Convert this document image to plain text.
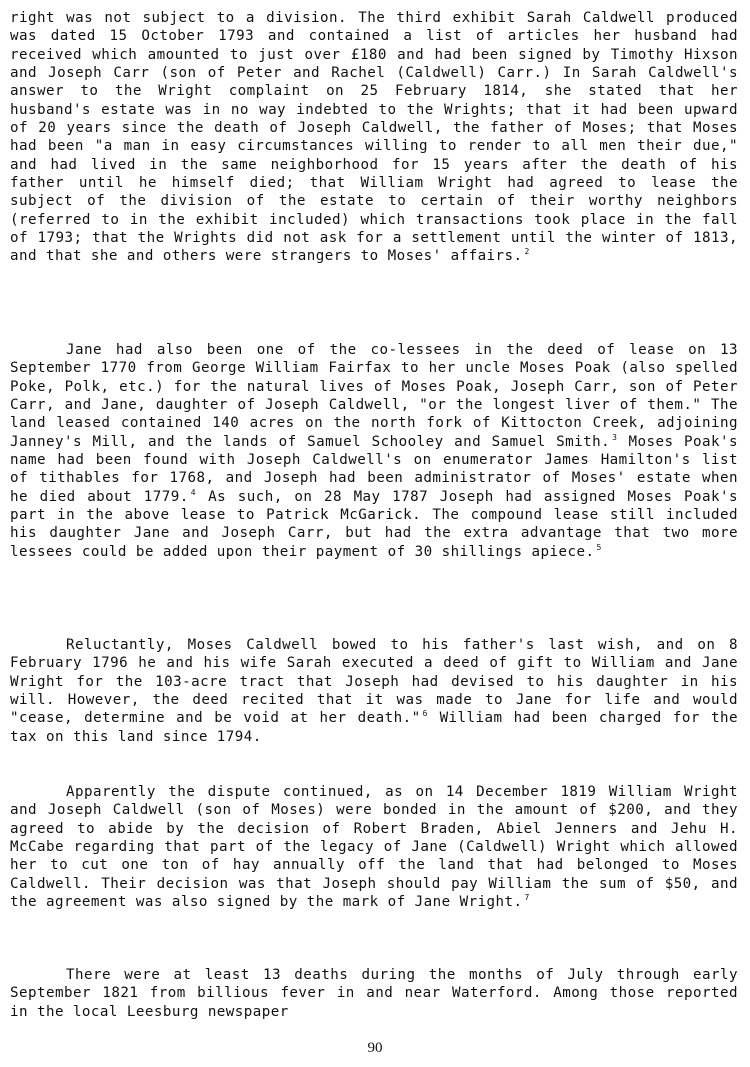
right was not subject to a division. The third exhibit Sarah Caldwell produced was dated 15 October 1793 and contained a list of articles her husband had received which amounted to just over £180 and had been signed by Timothy Hixson and Joseph Carr (son of Peter and Rachel (Caldwell) Carr.) In Sarah Caldwell's answer to the Wright complaint on 25 February 1814, she stated that her husband's estate was in no way indebted to the Wrights; that it had been upward of 20 years since the death of Joseph Caldwell, the father of Moses; that Moses had been "a man in easy circumstances willing to render to all men their due," and had lived in the same neighborhood for 15 years after the death of his father until he himself died; that William Wright had agreed to lease the subject of the division of the estate to certain of their worthy neighbors (referred to in the exhibit included) which transactions took place in the fall of 1793; that the Wrights did not ask for a settlement until the winter of 1813, and that she and others were strangers to Moses' affairs. $^2$

Jane had also been one of the co-lessees in the deed of lease on 13 September 1770 from George William Fairfax to her uncle Moses Poak (also spelled Poke, Polk, etc.) for the natural lives of Moses Poak, Joseph Carr, son of Peter Carr, and Jane, daughter of Joseph Caldwell, "or the longest liver of them." The land leased contained 140 acres on the north fork of Kittocton Creek, adjoining Janney's Mill, and the lands of Samuel Schooley and Samuel Smith. $^3$ Moses Poak's name had been found with Joseph Caldwell's on enumerator James Hamilton's list of tithables for 1768, and Joseph had been administrator of Moses' estate when he died about 1779. $^4$ As such, on 28 May 1787 Joseph had assigned Moses Poak's part in the above lease to Patrick McGarick. The compound lease still included his daughter Jane and Joseph Carr, but had the extra advantage that two more lessees could be added upon their payment of 30 shillings apiece. $^5$

Reluctantly, Moses Caldwell bowed to his father's last wish, and on 8 February 1796 he and his wife Sarah executed a deed of gift to William and Jane Wright for the 103-acre tract that Joseph had devised to his daughter in his will. However, the deed recited that it was made to Jane for life and would "cease, determine and be void at her death." $^6$ William had been charged for the tax on this land since 1794.

Apparently the dispute continued, as on 14 December 1819 William Wright and Joseph Caldwell (son of Moses) were bonded in the amount of $200, and they agreed to abide by the decision of Robert Braden, Abiel Jenners and Jehu H. McCabe regarding that part of the legacy of Jane (Caldwell) Wright which allowed her to cut one ton of hay annually off the land that had belonged to Moses Caldwell. Their decision was that Joseph should pay William the sum of $50, and the agreement was also signed by the mark of Jane Wright. $^7$

There were at least 13 deaths during the months of July through early September 1821 from billious fever in and near Waterford. Among those reported in the local Leesburg newspaper

90
